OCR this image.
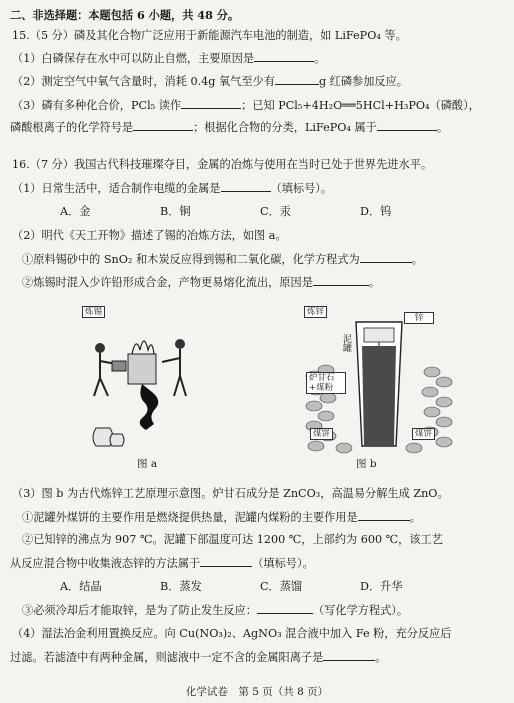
二、非选择题：本题包括 6 小题，共 48 分。
15.（5 分）磷及其化合物广泛应用于新能源汽车电池的制造，如 LiFePO₄ 等。
（1）白磷保存在水中可以防止自燃，主要原因是	。
（2）测定空气中氧气含量时，消耗 0.4g 氧气至少有	g 红磷参加反应。
（3）磷有多种化合价，PCl₅ 读作	；已知 PCl₅+4H₂O══5HCl+H₃PO₄（磷酸），
磷酸根离子的化学符号是	；根据化合物的分类，LiFePO₄ 属于	。
16.（7 分）我国古代科技璀璨夺目，金属的冶炼与使用在当时已处于世界先进水平。
（1）日常生活中，适合制作电缆的金属是	（填标号）。
A．金	B．铜	C．汞	D．钨
（2）明代《天工开物》描述了锡的冶炼方法，如图 a。
①原料锡砂中的 SnO₂ 和木炭反应得到锡和二氧化碳，化学方程式为	。
②炼锡时混入少许铅形成合金，产物更易熔化流出，原因是	。
炼锡
图 a
炼锌
锌
泥罐
炉甘石+煤粉
煤饼	煤饼
图 b
（3）图 b 为古代炼锌工艺原理示意图。炉甘石成分是 ZnCO₃，高温易分解生成 ZnO。
①泥罐外煤饼的主要作用是燃烧提供热量，泥罐内煤粉的主要作用是	。
②已知锌的沸点为 907 ℃。泥罐下部温度可达 1200 ℃，上部约为 600 ℃，该工艺
从反应混合物中收集液态锌的方法属于	（填标号）。
A．结晶	B．蒸发	C．蒸馏	D．升华
③必须冷却后才能取锌，是为了防止发生反应：	（写化学方程式）。
（4）湿法冶金利用置换反应。向 Cu(NO₃)₂、AgNO₃ 混合液中加入 Fe 粉，充分反应后
过滤。若滤渣中有两种金属，则滤液中一定不含的金属阳离子是	。
化学试卷　第 5 页（共 8 页）
